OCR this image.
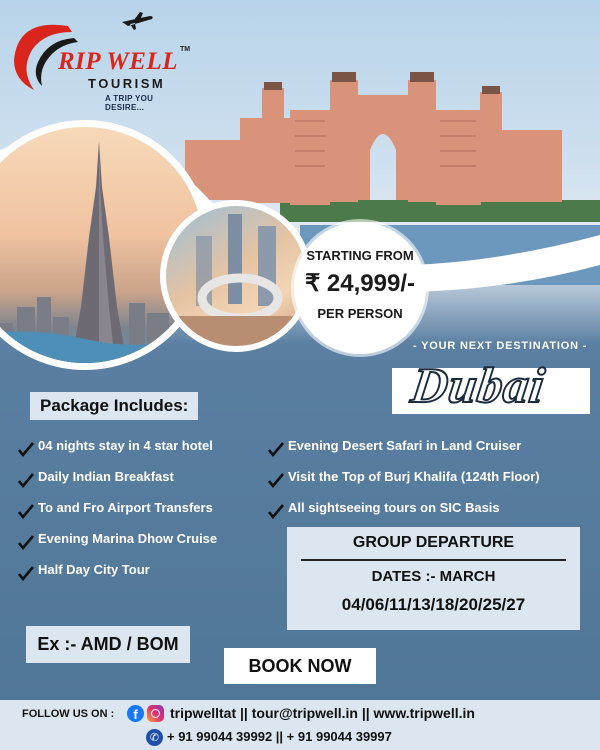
RIP WELL TM
TOURISM
A TRIP YOU DESIRE...
STARTING FROM
₹ 24,999/-
PER PERSON
- YOUR NEXT DESTINATION -
Dubai
Package Includes:
04 nights stay in 4 star hotel
Daily Indian Breakfast
To and Fro Airport Transfers
Evening Marina Dhow Cruise
Half Day City Tour
Evening Desert Safari in Land Cruiser
Visit the Top of Burj Khalifa (124th Floor)
All sightseeing tours on SIC Basis
GROUP DEPARTURE
DATES :- MARCH
04/06/11/13/18/20/25/27
Ex :- AMD / BOM
BOOK NOW
FOLLOW US ON :	f	tripwelltat || tour@tripwell.in || www.tripwell.in
✆ + 91 99044 39992 || + 91 99044 39997
